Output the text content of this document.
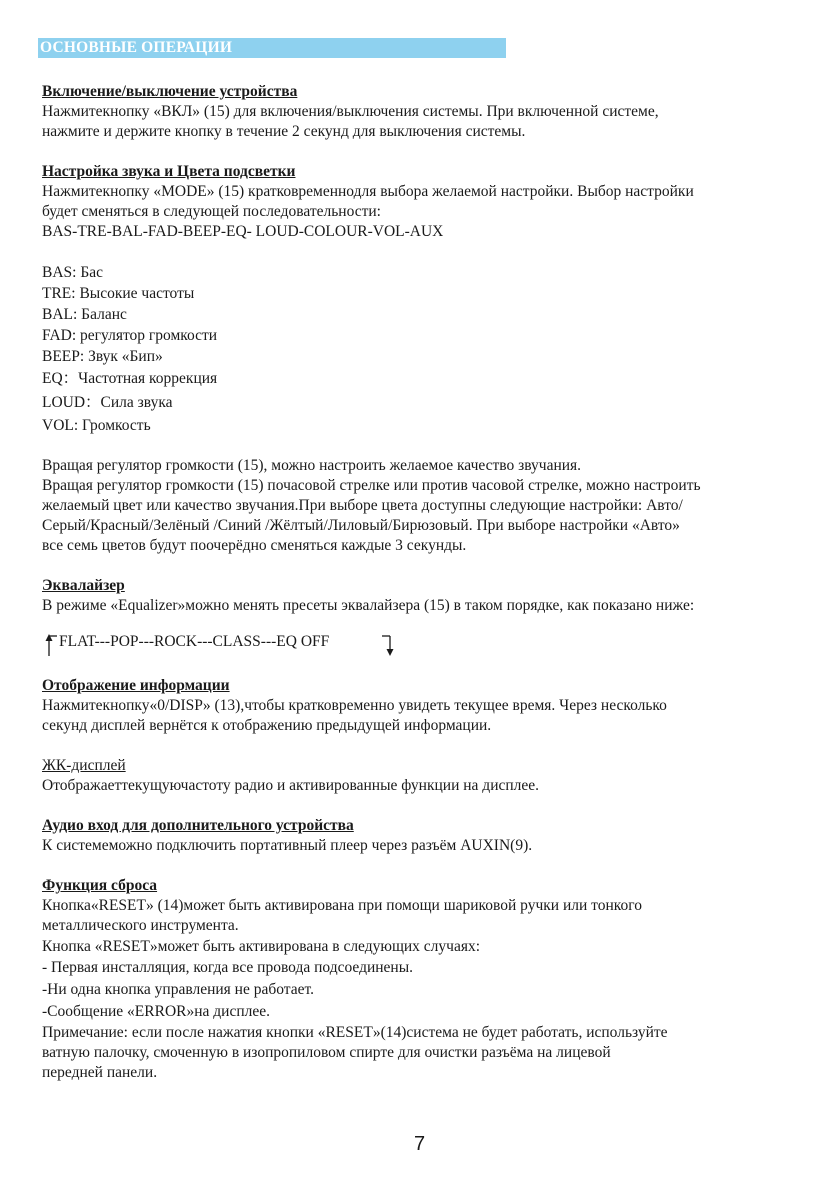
ОСНОВНЫЕ ОПЕРАЦИИ
Включение/выключение устройства
Нажмитекнопку «ВКЛ» (15) для включения/выключения системы. При включенной системе,
нажмите и держите кнопку в течение 2 секунд для выключения системы.
Настройка звука и Цвета подсветки
Нажмитекнопку «MODE» (15) кратковременнодля выбора желаемой настройки. Выбор настройки
будет сменяться в следующей последовательности:
BAS-TRE-BAL-FAD-BEEP-EQ- LOUD-COLOUR-VOL-AUX
BAS: Бас
TRE: Высокие частоты
BAL: Баланс
FAD: регулятор громкости
BEEP: Звук «Бип»
EQ：Частотная коррекция
LOUD：Сила звука
VOL: Громкость
Вращая регулятор громкости (15), можно настроить желаемое качество звучания.
Вращая регулятор громкости (15) почасовой стрелке или против часовой стрелке, можно настроить
желаемый цвет или качество звучания.При выборе цвета доступны следующие настройки: Авто/
Серый/Красный/Зелёный /Синий /Жёлтый/Лиловый/Бирюзовый. При выборе настройки «Авто»
все семь цветов будут поочерёдно сменяться каждые 3 секунды.
Эквалайзер
В режиме «Equalizer»можно менять пресеты эквалайзера (15) в таком порядке, как показано ниже:
FLAT---POP---ROCK---CLASS---EQ OFF
Отображение информации
Нажмитекнопку«0/DISP» (13),чтобы кратковременно увидеть текущее время. Через несколько
секунд дисплей вернётся к отображению предыдущей информации.
ЖК-дисплей
Отображаеттекущуючастоту радио и активированные функции на дисплее.
Аудио вход для дополнительного устройства
К системеможно подключить портативный плеер через разъём AUXIN(9).
Функция сброса
Кнопка«RESET» (14)может быть активирована при помощи шариковой ручки или тонкого
металлического инструмента.
Кнопка «RESET»может быть активирована в следующих случаях:
- Первая инсталляция, когда все провода подсоединены.
-Ни одна кнопка управления не работает.
-Сообщение «ERROR»на дисплее.
Примечание: если после нажатия кнопки «RESET»(14)система не будет работать, используйте
ватную палочку, смоченную в изопропиловом спирте для очистки разъёма на лицевой
передней панели.
7
